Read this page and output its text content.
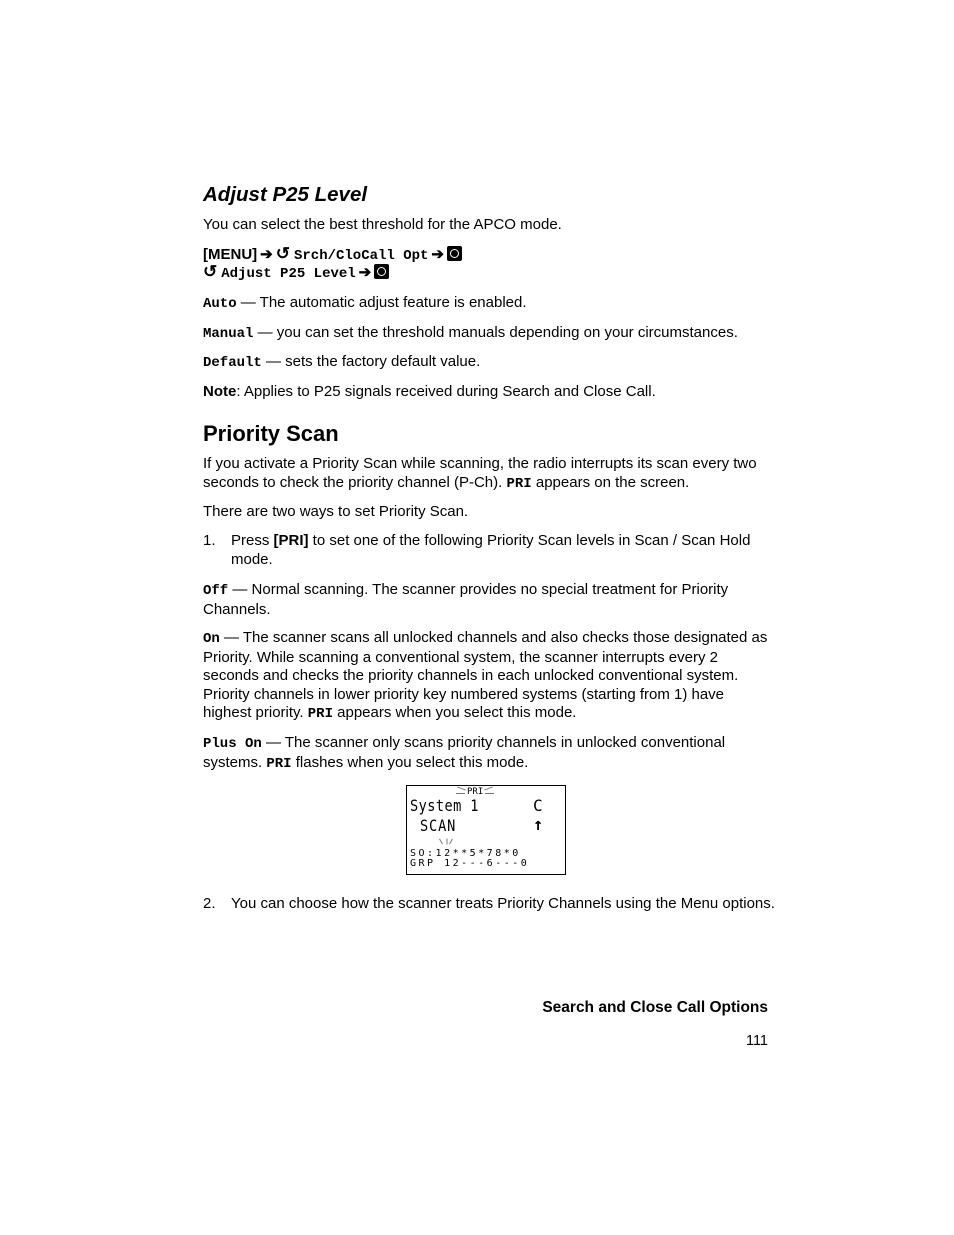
Adjust P25 Level

You can select the best threshold for the APCO mode.

[MENU] ➔ ↺ Srch/CloCall Opt ➔
↺ Adjust P25 Level ➔

Auto — The automatic adjust feature is enabled.

Manual — you can set the threshold manuals depending on your circumstances.

Default — sets the factory default value.

Note: Applies to P25 signals received during Search and Close Call.

Priority Scan

If you activate a Priority Scan while scanning, the radio interrupts its scan every two seconds to check the priority channel (P-Ch). PRI appears on the screen.

There are two ways to set Priority Scan.

1. Press [PRI] to set one of the following Priority Scan levels in Scan / Scan Hold mode.

Off — Normal scanning. The scanner provides no special treatment for Priority Channels.

On — The scanner scans all unlocked channels and also checks those designated as Priority. While scanning a conventional system, the scanner interrupts every 2 seconds and checks the priority channels in each unlocked conventional system. Priority channels in lower priority key numbered systems (starting from 1) have highest priority. PRI appears when you select this mode.

Plus On — The scanner only scans priority channels in unlocked conventional systems. PRI flashes when you select this mode.

PRI
System 1	C
SCAN	↑
SO:12**5*78*0
GRP 12---6---0
2. You can choose how the scanner treats Priority Channels using the Menu options.

Search and Close Call Options
111
